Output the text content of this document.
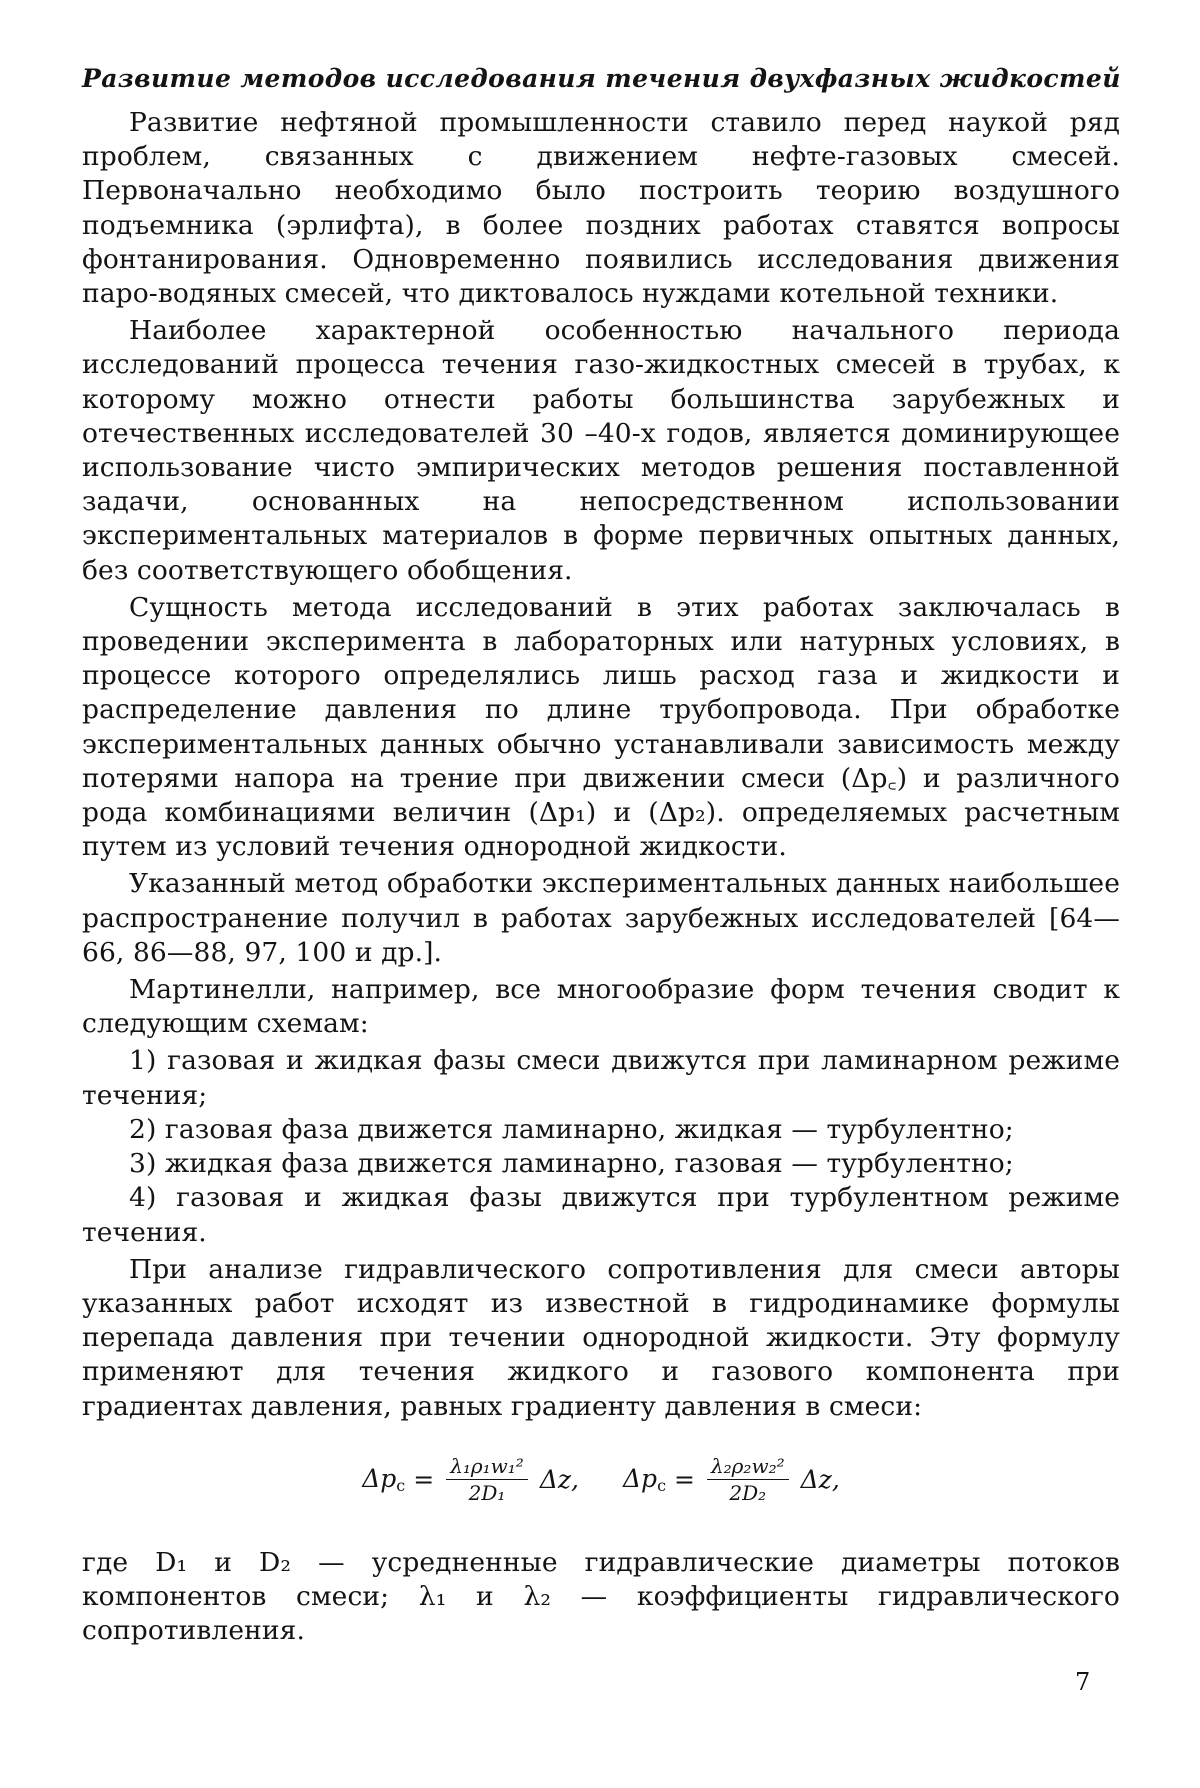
Развитие методов исследования течения двухфазных жидкостей

Развитие нефтяной промышленности ставило перед наукой ряд проблем, связанных с движением нефте-газовых смесей. Первоначально необходимо было построить теорию воздушного подъемника (эрлифта), в более поздних работах ставятся вопросы фонтанирования. Одновременно появились исследования движения паро-водяных смесей, что диктовалось нуждами котельной техники.

Наиболее характерной особенностью начального периода исследований процесса течения газо-жидкостных смесей в трубах, к которому можно отнести работы большинства зарубежных и отечественных исследователей 30 –40-х годов, является доминирующее использование чисто эмпирических методов решения поставленной задачи, основанных на непосредственном использовании экспериментальных материалов в форме первичных опытных данных, без соответствующего обобщения.

Сущность метода исследований в этих работах заключалась в проведении эксперимента в лабораторных или натурных условиях, в процессе которого определялись лишь расход газа и жидкости и распределение давления по длине трубопровода. При обработке экспериментальных данных обычно устанавливали зависимость между потерями напора на трение при движении смеси (Δp꜀) и различного рода комбинациями величин (Δp₁) и (Δp₂). определяемых расчетным путем из условий течения однородной жидкости.

Указанный метод обработки экспериментальных данных наибольшее распространение получил в работах зарубежных исследователей [64—66, 86—88, 97, 100 и др.].

Мартинелли, например, все многообразие форм течения сводит к следующим схемам:

1) газовая и жидкая фазы смеси движутся при ламинарном режиме течения;

2) газовая фаза движется ламинарно, жидкая — турбулентно;

3) жидкая фаза движется ламинарно, газовая — турбулентно;

4) газовая и жидкая фазы движутся при турбулентном режиме течения.

При анализе гидравлического сопротивления для смеси авторы указанных работ исходят из известной в гидродинамике формулы перепада давления при течении однородной жидкости. Эту формулу применяют для течения жидкого и газового компонента при градиентах давления, равных градиенту давления в смеси:

$\Delta p_c = \frac{\text{λ₁ρ₁w₁²}}{\text{2D₁}} \Delta z$, $\Delta p_c = \frac{\text{λ₂ρ₂w₂²}}{\text{2D₂}} \Delta z$,

где D₁ и D₂ — усредненные гидравлические диаметры потоков компонентов смеси; λ₁ и λ₂ — коэффициенты гидравлического сопротивления.

7
